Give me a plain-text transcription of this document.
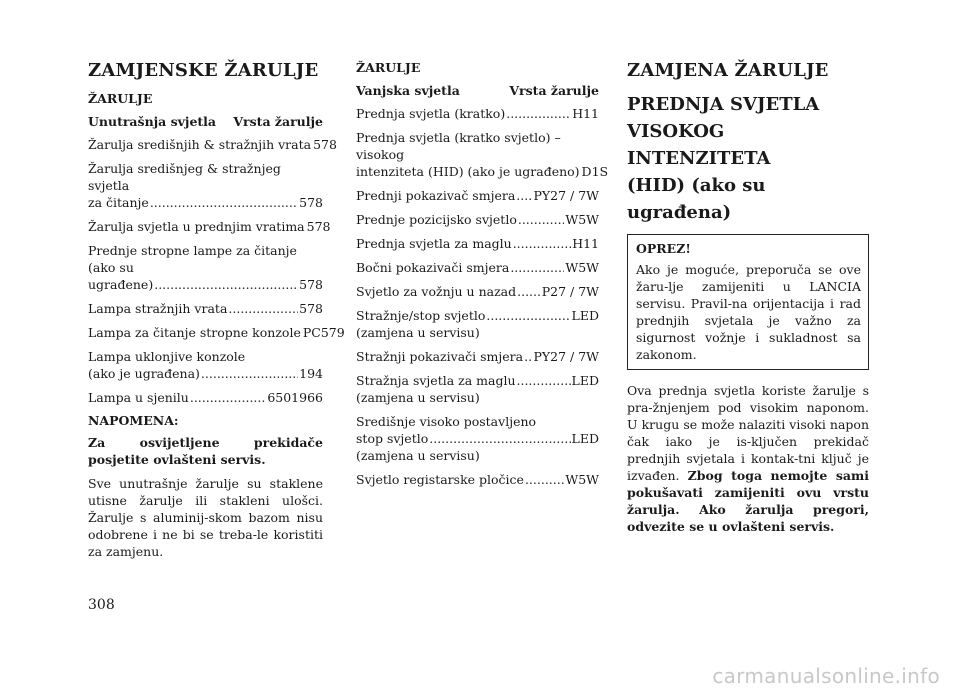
ZAMJENSKE ŽARULJE
ŽARULJE
Unutrašnja svjetla Vrsta žarulje
Žarulja središnjih & stražnjih vrata 578
Žarulja središnjeg & stražnjeg svjetla
za čitanje .....	578
Žarulja svjetla u prednjim vratima 578
Prednje stropne lampe za čitanje (ako su
ugrađene) .....	578
Lampa stražnjih vrata .....	578
Lampa za čitanje stropne konzole PC579
Lampa uklonjive konzole
(ako je ugrađena) .....	194
Lampa u sjenilu .....	6501966
NAPOMENA:
Za osvijetljene prekidače posjetite ovlašteni servis.
Sve unutrašnje žarulje su staklene utisne žarulje ili stakleni ulošci. Žarulje s aluminij-skom bazom nisu odobrene i ne bi se treba-le koristiti za zamjenu.
ŽARULJE
Vanjska svjetla	Vrsta žarulje
Prednja svjetla (kratko) .....	H11
Prednja svjetla (kratko svjetlo) – visokog
intenziteta (HID) (ako je ugrađeno) D1S
Prednji pokazivač smjera ..... PY27 / 7W
Prednje pozicijsko svjetlo .....	W5W
Prednja svjetla za maglu .....	H11
Bočni pokazivači smjera .....	W5W
Svjetlo za vožnju u nazad ..... P27 / 7W
Stražnje/stop svjetlo .....	LED
(zamjena u servisu)
Stražnji pokazivači smjera ..... PY27 / 7W
Stražnja svjetla za maglu .....	LED
(zamjena u servisu)
Središnje visoko postavljeno
stop svjetlo .....	LED
(zamjena u servisu)
Svjetlo registarske pločice .....	W5W
ZAMJENA ŽARULJE
PREDNJA SVJETLA
VISOKOG INTENZITETA
(HID) (ako su ugrađena)
OPREZ!
Ako je moguće, preporuča se ove žaru-lje zamijeniti u LANCIA servisu. Pravil-na orijentacija i rad prednjih svjetala je važno za sigurnost vožnje i sukladnost sa zakonom.
Ova prednja svjetla koriste žarulje s pra-žnjenjem pod visokim naponom. U krugu se može nalaziti visoki napon čak iako je is-ključen prekidač prednjih svjetala i kontak-tni ključ je izvađen. Zbog toga nemojte sami pokušavati zamijeniti ovu vrstu žarulja. Ako žarulja pregori, odvezite se u ovlašteni servis.
308
carmanualsonline.info
